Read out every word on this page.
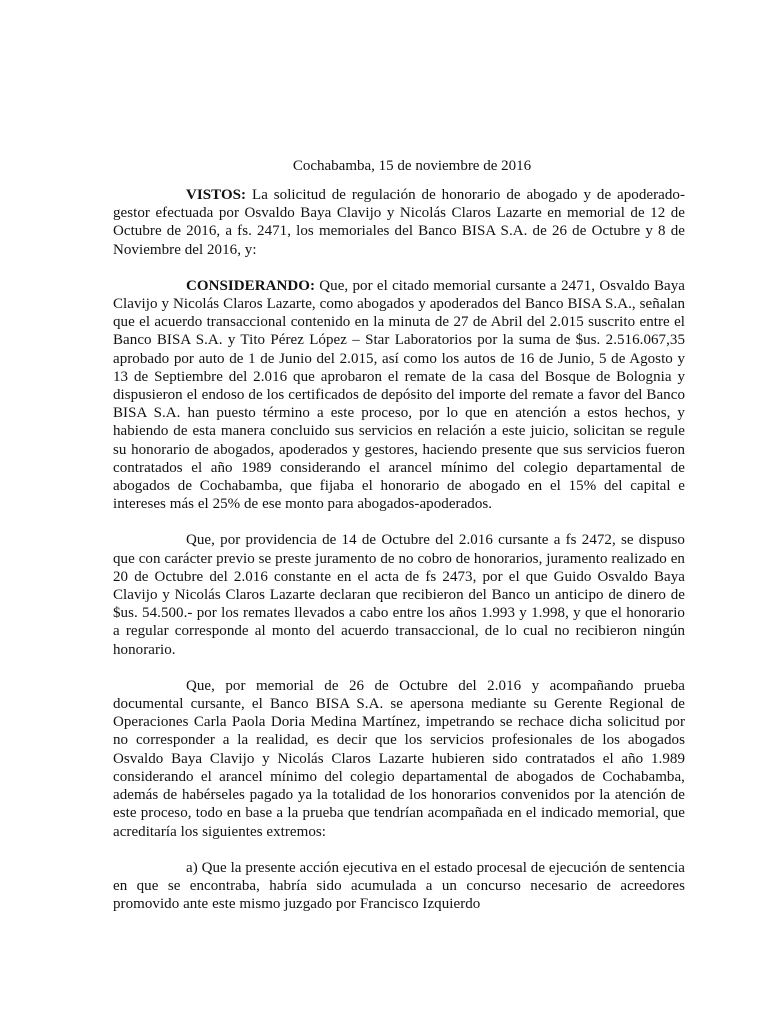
Cochabamba, 15 de noviembre de 2016

VISTOS: La solicitud de regulación de honorario de abogado y de apoderado-gestor efectuada por Osvaldo Baya Clavijo y Nicolás Claros Lazarte en memorial de 12 de Octubre de 2016, a fs. 2471, los memoriales del Banco BISA S.A. de 26 de Octubre y 8 de Noviembre del 2016, y:

CONSIDERANDO: Que, por el citado memorial cursante a 2471, Osvaldo Baya Clavijo y Nicolás Claros Lazarte, como abogados y apoderados del Banco BISA S.A., señalan que el acuerdo transaccional contenido en la minuta de 27 de Abril del 2.015 suscrito entre el Banco BISA S.A. y Tito Pérez López – Star Laboratorios por la suma de $us. 2.516.067,35 aprobado por auto de 1 de Junio del 2.015, así como los autos de 16 de Junio, 5 de Agosto y 13 de Septiembre del 2.016 que aprobaron el remate de la casa del Bosque de Bolognia y dispusieron el endoso de los certificados de depósito del importe del remate a favor del Banco BISA S.A. han puesto término a este proceso, por lo que en atención a estos hechos, y habiendo de esta manera concluido sus servicios en relación a este juicio, solicitan se regule su honorario de abogados, apoderados y gestores, haciendo presente que sus servicios fueron contratados el año 1989 considerando el arancel mínimo del colegio departamental de abogados de Cochabamba, que fijaba el honorario de abogado en el 15% del capital e intereses más el 25% de ese monto para abogados-apoderados.

Que, por providencia de 14 de Octubre del 2.016 cursante a fs 2472, se dispuso que con carácter previo se preste juramento de no cobro de honorarios, juramento realizado en 20 de Octubre del 2.016 constante en el acta de fs 2473, por el que Guido Osvaldo Baya Clavijo y Nicolás Claros Lazarte declaran que recibieron del Banco un anticipo de dinero de $us. 54.500.- por los remates llevados a cabo entre los años 1.993 y 1.998, y que el honorario a regular corresponde al monto del acuerdo transaccional, de lo cual no recibieron ningún honorario.

Que, por memorial de 26 de Octubre del 2.016 y acompañando prueba documental cursante, el Banco BISA S.A. se apersona mediante su Gerente Regional de Operaciones Carla Paola Doria Medina Martínez, impetrando se rechace dicha solicitud por no corresponder a la realidad, es decir que los servicios profesionales de los abogados Osvaldo Baya Clavijo y Nicolás Claros Lazarte hubieren sido contratados el año 1.989 considerando el arancel mínimo del colegio departamental de abogados de Cochabamba, además de habérseles pagado ya la totalidad de los honorarios convenidos por la atención de este proceso, todo en base a la prueba que tendrían acompañada en el indicado memorial, que acreditaría los siguientes extremos:

a) Que la presente acción ejecutiva en el estado procesal de ejecución de sentencia en que se encontraba, habría sido acumulada a un concurso necesario de acreedores promovido ante este mismo juzgado por Francisco Izquierdo
